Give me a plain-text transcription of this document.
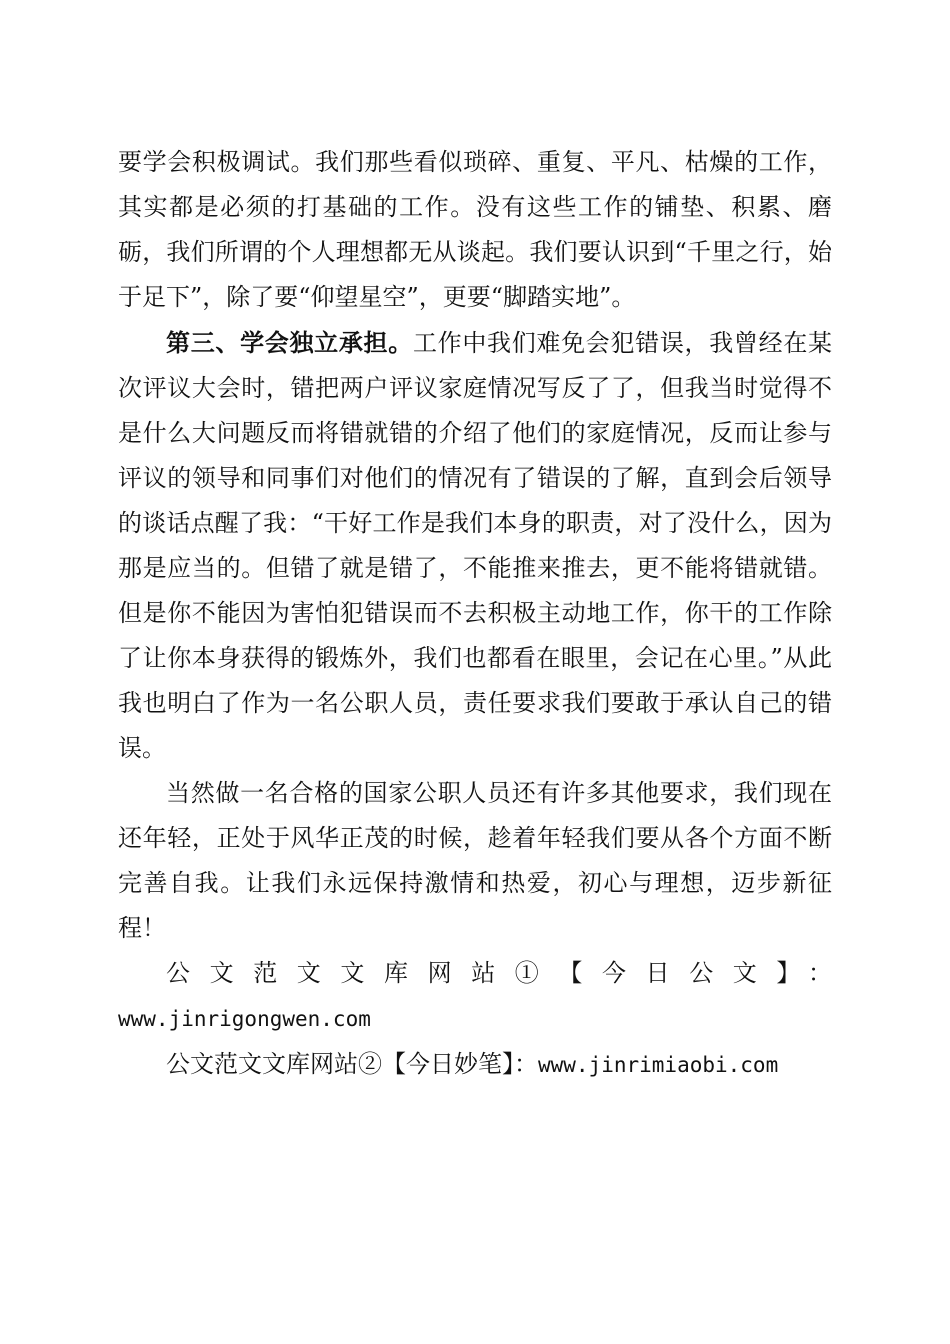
要学会积极调试。我们那些看似琐碎、重复、平凡、枯燥的工作，其实都是必须的打基础的工作。没有这些工作的铺垫、积累、磨砺，我们所谓的个人理想都无从谈起。我们要认识到“千里之行，始于足下”，除了要“仰望星空”，更要“脚踏实地”。

第三、学会独立承担。工作中我们难免会犯错误，我曾经在某次评议大会时，错把两户评议家庭情况写反了了，但我当时觉得不是什么大问题反而将错就错的介绍了他们的家庭情况，反而让参与评议的领导和同事们对他们的情况有了错误的了解，直到会后领导的谈话点醒了我：“干好工作是我们本身的职责，对了没什么，因为那是应当的。但错了就是错了，不能推来推去，更不能将错就错。但是你不能因为害怕犯错误而不去积极主动地工作，你干的工作除了让你本身获得的锻炼外，我们也都看在眼里，会记在心里。”从此我也明白了作为一名公职人员，责任要求我们要敢于承认自己的错误。

当然做一名合格的国家公职人员还有许多其他要求，我们现在还年轻，正处于风华正茂的时候，趁着年轻我们要从各个方面不断完善自我。让我们永远保持激情和热爱，初心与理想，迈步新征程！

公文范文文库网站①【今日公文】：

www.jinrigongwen.com

公文范文文库网站②【今日妙笔】：www.jinrimiaobi.com
